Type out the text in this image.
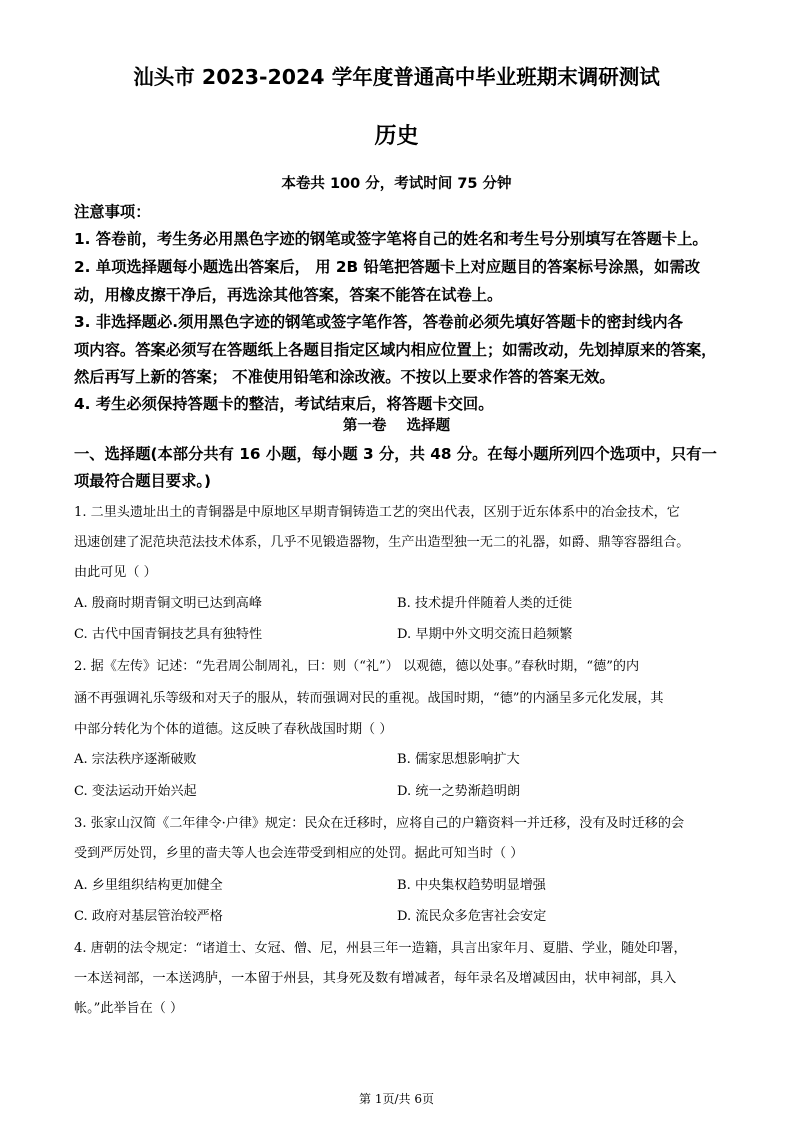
汕头市 2023-2024 学年度普通高中毕业班期末调研测试
历史
本卷共 100 分，考试时间 75 分钟
注意事项：
1. 答卷前，考生务必用黑色字迹的钢笔或签字笔将自己的姓名和考生号分别填写在答题卡上。
2. 单项选择题每小题选出答案后， 用 2B 铅笔把答题卡上对应题目的答案标号涂黑，如需改
动，用橡皮擦干净后，再选涂其他答案，答案不能答在试卷上。
3. 非选择题必.须用黑色字迹的钢笔或签字笔作答，答卷前必须先填好答题卡的密封线内各
项内容。答案必须写在答题纸上各题目指定区域内相应位置上；如需改动，先划掉原来的答案，
然后再写上新的答案； 不准使用铅笔和涂改液。不按以上要求作答的答案无效。
4. 考生必须保持答题卡的整洁，考试结束后，将答题卡交回。
第一卷    选择题
一、选择题(本部分共有 16 小题，每小题 3 分，共 48 分。在每小题所列四个选项中，只有一
项最符合题目要求。)
1. 二里头遗址出土的青铜器是中原地区早期青铜铸造工艺的突出代表，区别于近东体系中的冶金技术，它
迅速创建了泥范块范法技术体系，几乎不见锻造器物，生产出造型独一无二的礼器，如爵、鼎等容器组合。
由此可见（ ）
A. 殷商时期青铜文明已达到高峰	B. 技术提升伴随着人类的迁徙
C. 古代中国青铜技艺具有独特性	D. 早期中外文明交流日趋频繁
2. 据《左传》记述：“先君周公制周礼，曰：则（“礼”） 以观德，德以处事。”春秋时期，“德”的内
涵不再强调礼乐等级和对天子的服从，转而强调对民的重视。战国时期，“德”的内涵呈多元化发展，其
中部分转化为个体的道德。这反映了春秋战国时期（ ）
A. 宗法秩序逐渐破败	B. 儒家思想影响扩大
C. 变法运动开始兴起	D. 统一之势渐趋明朗
3. 张家山汉简《二年律令·户律》规定：民众在迁移时，应将自己的户籍资料一并迁移，没有及时迁移的会
受到严厉处罚，乡里的啬夫等人也会连带受到相应的处罚。据此可知当时（ ）
A. 乡里组织结构更加健全	B. 中央集权趋势明显增强
C. 政府对基层管治较严格	D. 流民众多危害社会安定
4. 唐朝的法令规定：“诸道士、女冠、僧、尼，州县三年一造籍，具言出家年月、夏腊、学业，随处印署，
一本送祠部，一本送鸿胪，一本留于州县，其身死及数有增减者，每年录名及增减因由，状申祠部，具入
帐。”此举旨在（ ）
第 1页/共 6页
